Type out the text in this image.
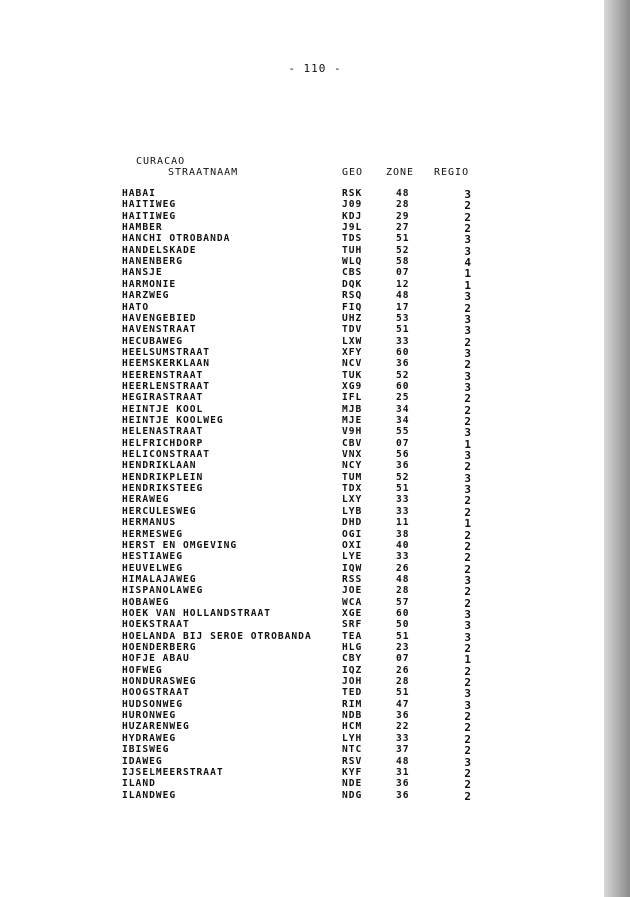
- 110 -
CURACAO
STRAATNAAM	GEO ZONE REGIO
HABAI	RSK	48	3
HAITIWEG	J09	28	2
HAITIWEG	KDJ	29	2
HAMBER	J9L	27	2
HANCHI OTROBANDA	TDS	51	3
HANDELSKADE	TUH	52	3
HANENBERG	WLQ	58	4
HANSJE	CBS	07	1
HARMONIE	DQK	12	1
HARZWEG	RSQ	48	3
HATO	FIQ	17	2
HAVENGEBIED	UHZ	53	3
HAVENSTRAAT	TDV	51	3
HECUBAWEG	LXW	33	2
HEELSUMSTRAAT	XFY	60	3
HEEMSKERKLAAN	NCV	36	2
HEERENSTRAAT	TUK	52	3
HEERLENSTRAAT	XG9	60	3
HEGIRASTRAAT	IFL	25	2
HEINTJE KOOL	MJB	34	2
HEINTJE KOOLWEG	MJE	34	2
HELENASTRAAT	V9H	55	3
HELFRICHDORP	CBV	07	1
HELICONSTRAAT	VNX	56	3
HENDRIKLAAN	NCY	36	2
HENDRIKPLEIN	TUM	52	3
HENDRIKSTEEG	TDX	51	3
HERAWEG	LXY	33	2
HERCULESWEG	LYB	33	2
HERMANUS	DHD	11	1
HERMESWEG	OGI	38	2
HERST EN OMGEVING	OXI	40	2
HESTIAWEG	LYE	33	2
HEUVELWEG	IQW	26	2
HIMALAJAWEG	RSS	48	3
HISPANOLAWEG	JOE	28	2
HOBAWEG	WCA	57	2
HOEK VAN HOLLANDSTRAAT	XGE	60	3
HOEKSTRAAT	SRF	50	3
HOELANDA BIJ SEROE OTROBANDA	TEA	51	3
HOENDERBERG	HLG	23	2
HOFJE ABAU	CBY	07	1
HOFWEG	IQZ	26	2
HONDURASWEG	JOH	28	2
HOOGSTRAAT	TED	51	3
HUDSONWEG	RIM	47	3
HURONWEG	NDB	36	2
HUZARENWEG	HCM	22	2
HYDRAWEG	LYH	33	2
IBISWEG	NTC	37	2
IDAWEG	RSV	48	3
IJSELMEERSTRAAT	KYF	31	2
ILAND	NDE	36	2
ILANDWEG	NDG	36	2
